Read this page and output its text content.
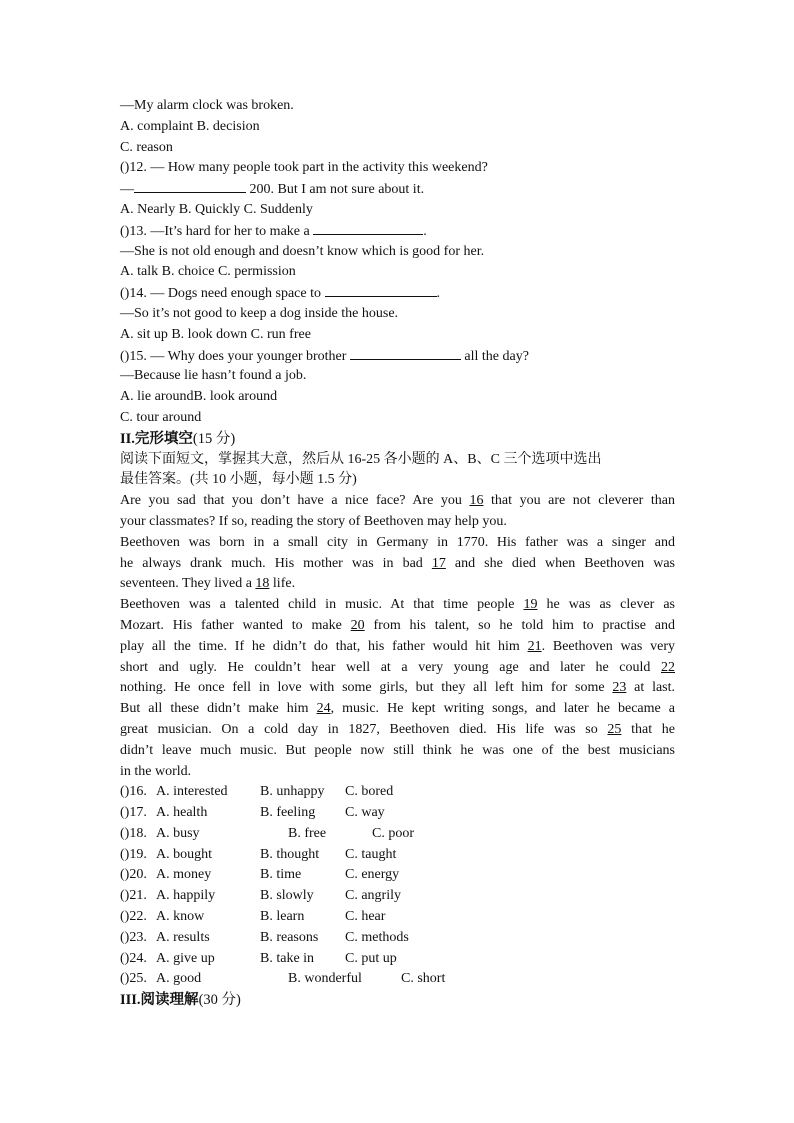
—My alarm clock was broken.
A. complaint B. decision
C. reason
()12. — How many people took part in the activity this weekend?
—	200. But I am not sure about it.
A. Nearly B. Quickly C. Suddenly
()13. —It’s hard for her to make a	.
—She is not old enough and doesn’t know which is good for her.
A. talk B. choice C. permission
()14. — Dogs need enough space to	.
—So it’s not good to keep a dog inside the house.
A. sit up B. look down C. run free
()15. — Why does your younger brother	all the day?
—Because lie hasn’t found a job.
A. lie aroundB. look around
C. tour around
II.完形填空(15 分)
阅读下面短文，掌握其大意，然后从 16-25 各小题的 A、B、C 三个选项中选出
最佳答案。(共 10 小题，每小题 1.5 分)
Are you sad that you don’t have a nice face? Are you 16 that you are not cleverer than
your classmates? If so, reading the story of Beethoven may help you.
Beethoven was born in a small city in Germany in 1770. His father was a singer and
he always drank much. His mother was in bad 17 and she died when Beethoven was
seventeen. They lived a 18 life.
Beethoven was a talented child in music. At that time people 19 he was as clever as
Mozart. His father wanted to make 20 from his talent, so he told him to practise and
play all the time. If he didn’t do that, his father would hit him 21. Beethoven was very
short and ugly. He couldn’t hear well at a very young age and later he could 22
nothing. He once fell in love with some girls, but they all left him for some 23 at last.
But all these didn’t make him 24, music. He kept writing songs, and later he became a
great musician. On a cold day in 1827, Beethoven died. His life was so 25 that he
didn’t leave much music. But people now still think he was one of the best musicians
in the world.
()16. A. interested	B. unhappy	C. bored
()17. A. health	B. feeling	C. way
()18. A. busy	B. free	C. poor
()19. A. bought	B. thought	C. taught
()20. A. money	B. time	C. energy
()21. A. happily	B. slowly	C. angrily
()22. A. know	B. learn	C. hear
()23. A. results	B. reasons	C. methods
()24. A. give up	B. take in	C. put up
()25. A. good	B. wonderful	C. short
III.阅读理解(30 分)
